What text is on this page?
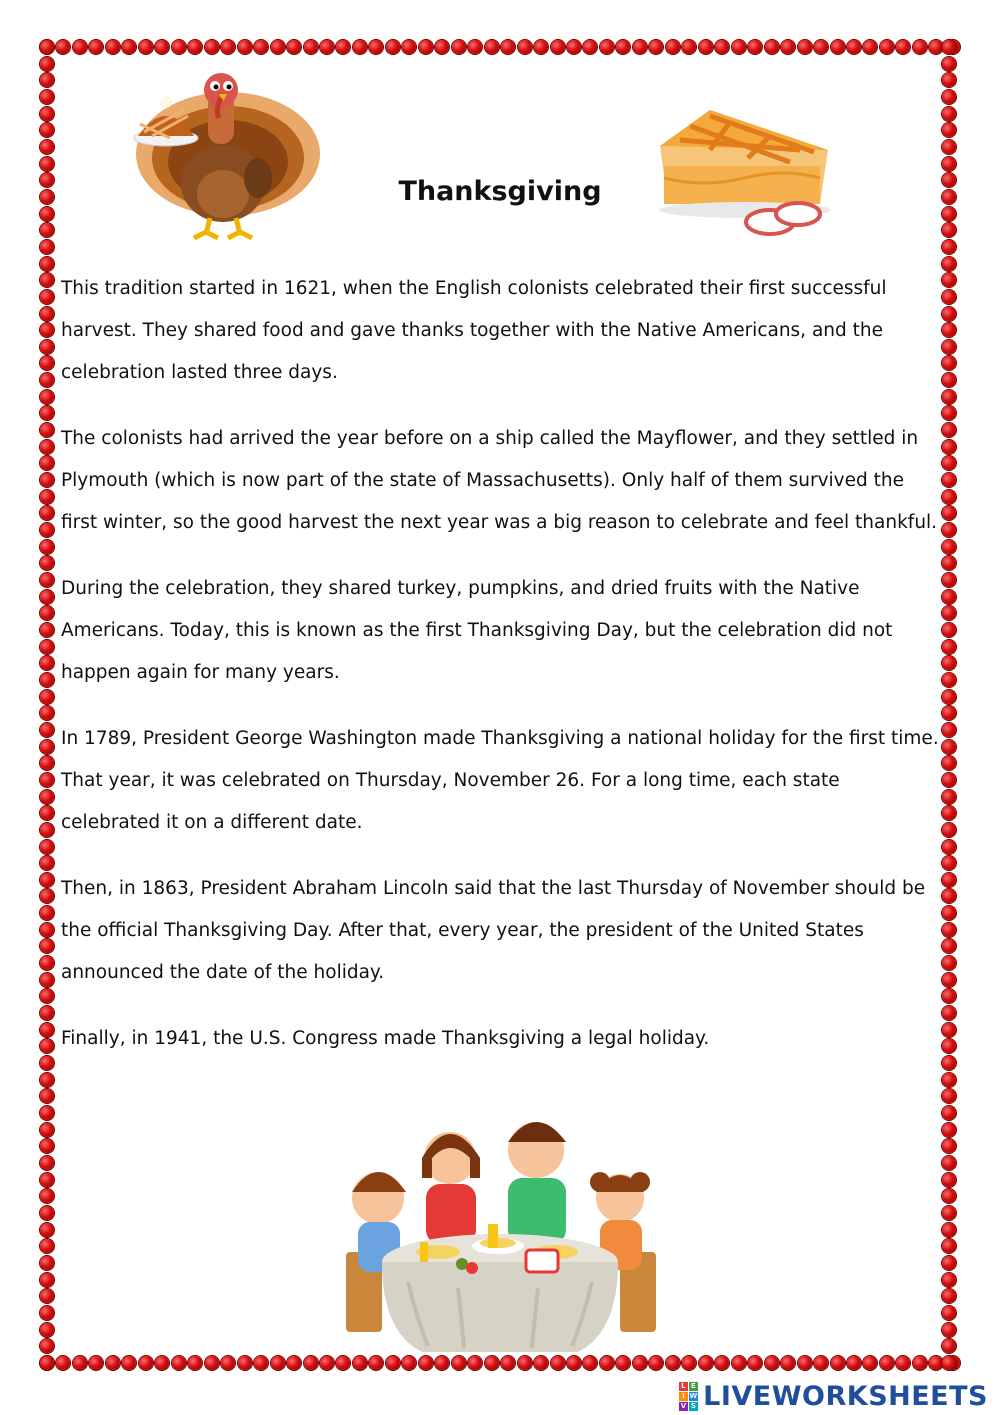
Thanksgiving

This tradition started in 1621, when the English colonists celebrated their first successful harvest. They shared food and gave thanks together with the Native Americans, and the celebration lasted three days.

The colonists had arrived the year before on a ship called the Mayflower, and they settled in Plymouth (which is now part of the state of Massachusetts). Only half of them survived the first winter, so the good harvest the next year was a big reason to celebrate and feel thankful.

During the celebration, they shared turkey, pumpkins, and dried fruits with the Native Americans. Today, this is known as the first Thanksgiving Day, but the celebration did not happen again for many years.

In 1789, President George Washington made Thanksgiving a national holiday for the first time. That year, it was celebrated on Thursday, November 26. For a long time, each state celebrated it on a different date.

Then, in 1863, President Abraham Lincoln said that the last Thursday of November should be the official Thanksgiving Day. After that, every year, the president of the United States announced the date of the holiday.

Finally, in 1941, the U.S. Congress made Thanksgiving a legal holiday.

L E
I W
V S LIVEWORKSHEETS
